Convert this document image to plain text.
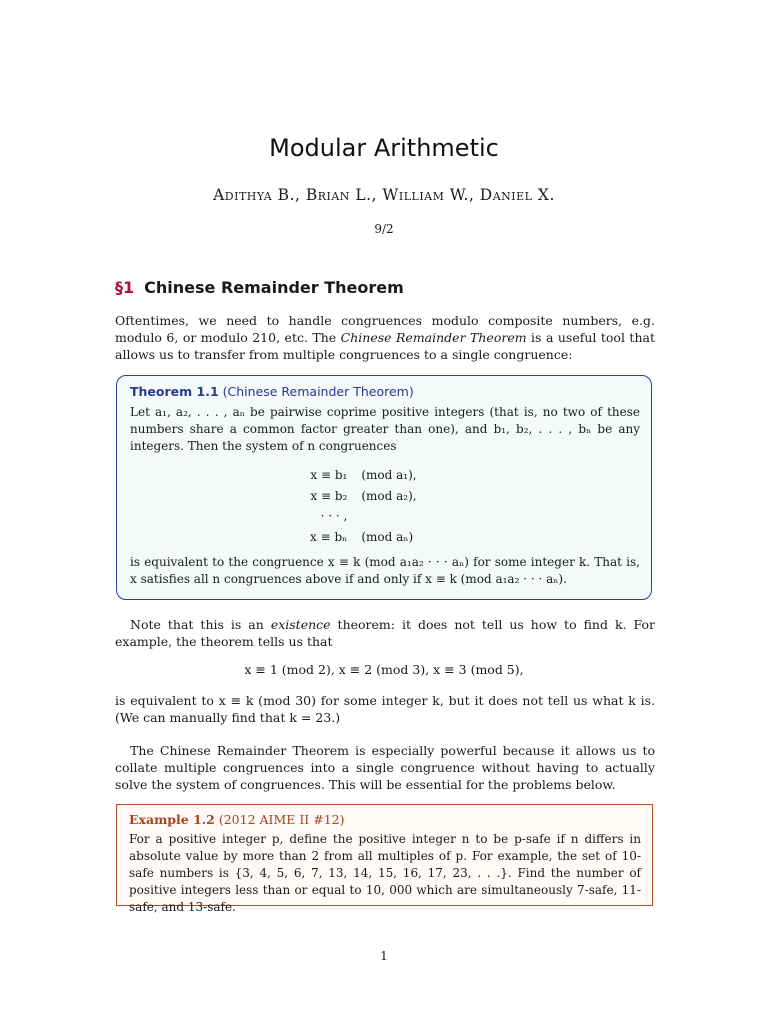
Modular Arithmetic
Adithya B., Brian L., William W., Daniel X.
9/2
§1 Chinese Remainder Theorem

Oftentimes, we need to handle congruences modulo composite numbers, e.g. modulo 6, or modulo 210, etc. The Chinese Remainder Theorem is a useful tool that allows us to transfer from multiple congruences to a single congruence:

Theorem 1.1 (Chinese Remainder Theorem)
Let a₁, a₂, . . . , aₙ be pairwise coprime positive integers (that is, no two of these numbers share a common factor greater than one), and b₁, b₂, . . . , bₙ be any integers. Then the system of n congruences
is equivalent to the congruence x ≡ k (mod a₁a₂ · · · aₙ) for some integer k. That is, x satisfies all n congruences above if and only if x ≡ k (mod a₁a₂ · · · aₙ).
x ≡ b₁	(mod a₁),
x ≡ b₂	(mod a₂),
· · · ,	
x ≡ bₙ	(mod aₙ)

Note that this is an existence theorem: it does not tell us how to find k. For example, the theorem tells us that

x ≡ 1 (mod 2), x ≡ 2 (mod 3), x ≡ 3 (mod 5),

is equivalent to x ≡ k (mod 30) for some integer k, but it does not tell us what k is. (We can manually find that k = 23.)

The Chinese Remainder Theorem is especially powerful because it allows us to collate multiple congruences into a single congruence without having to actually solve the system of congruences. This will be essential for the problems below.

Example 1.2 (2012 AIME II #12)
For a positive integer p, define the positive integer n to be p-safe if n differs in absolute value by more than 2 from all multiples of p. For example, the set of 10-safe numbers is {3, 4, 5, 6, 7, 13, 14, 15, 16, 17, 23, . . .}. Find the number of positive integers less than or equal to 10, 000 which are simultaneously 7-safe, 11-safe, and 13-safe.
1
